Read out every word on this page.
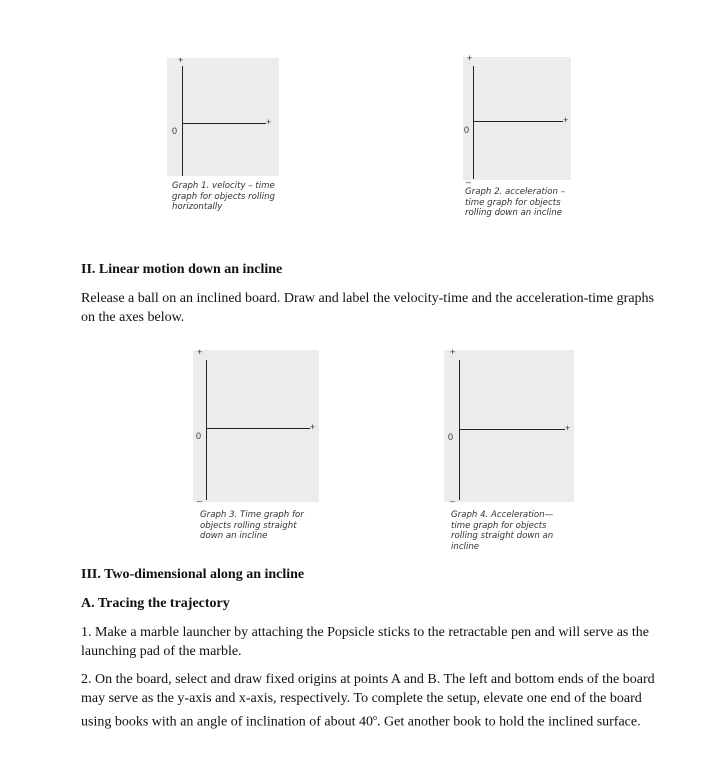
+
+
0
Graph 1. velocity – time
graph for objects rolling
horizontally
+
+
_
0
Graph 2. acceleration –
time graph for objects
rolling down an incline
II. Linear motion down an incline
Release a ball on an inclined board. Draw and label the velocity-time and the acceleration-time graphs on the axes below.
+
+
_
0
Graph 3. Time graph for
objects rolling straight
down an incline
+
+
_
0
Graph 4. Acceleration—
time graph for objects
rolling straight down an
incline
III. Two-dimensional along an incline
A. Tracing the trajectory
1. Make a marble launcher by attaching the Popsicle sticks to the retractable pen and will serve as the launching pad of the marble.
2. On the board, select and draw fixed origins at points A and B. The left and bottom ends of the board may serve as the y-axis and x-axis, respectively. To complete the setup, elevate one end of the board using books with an angle of inclination of about 40$^o$. Get another book to hold the inclined surface.
